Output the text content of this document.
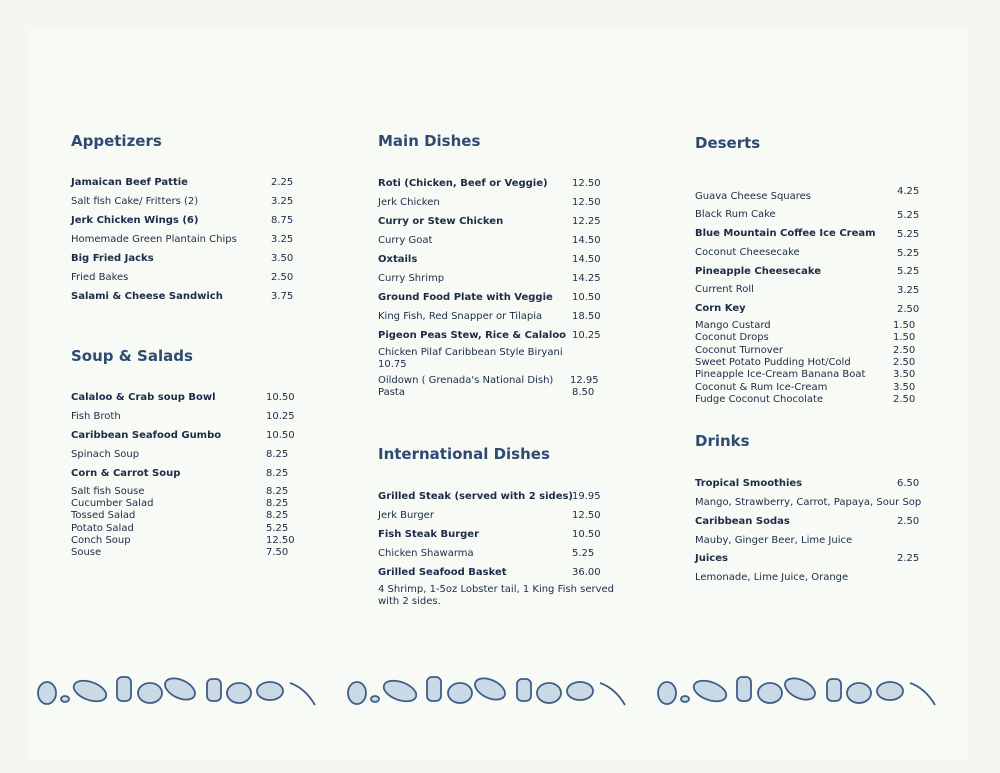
Appetizers
Jamaican Beef Pattie	2.25
Salt fish Cake/ Fritters (2)	3.25
Jerk Chicken Wings (6)	8.75
Homemade Green Plantain Chips	3.25
Big Fried Jacks	3.50
Fried Bakes	2.50
Salami & Cheese Sandwich	3.75
Soup & Salads
Calaloo & Crab soup Bowl	10.50
Fish Broth	10.25
Caribbean Seafood Gumbo	10.50
Spinach Soup	8.25
Corn & Carrot Soup	8.25
Salt fish Souse	8.25
Cucumber Salad	8.25
Tossed Salad	8.25
Potato Salad	5.25
Conch Soup	12.50
Souse	7.50
Main Dishes
Roti (Chicken, Beef or Veggie) 12.50
Jerk Chicken	12.50
Curry or Stew Chicken	12.25
Curry Goat	14.50
Oxtails	14.50
Curry Shrimp	14.25
Ground Food Plate with Veggie 10.50
King Fish, Red Snapper or Tilapia	18.50
Pigeon Peas Stew, Rice & Calaloo 10.25
Chicken Pilaf Caribbean Style Biryani
10.75
Oildown ( Grenada's National Dish) 12.95
Pasta	8.50
International Dishes
Grilled Steak (served with 2 sides) 19.95
Jerk Burger	12.50
Fish Steak Burger	10.50
Chicken Shawarma	5.25
Grilled Seafood Basket	36.00
4 Shrimp, 1-5oz Lobster tail, 1 King Fish served
with 2 sides.
Deserts
Guava Cheese Squares	4.25
Black Rum Cake	5.25
Blue Mountain Coffee Ice Cream 5.25
Coconut Cheesecake	5.25
Pineapple Cheesecake	5.25
Current Roll	3.25
Corn Key	2.50
Mango Custard	1.50
Coconut Drops	1.50
Coconut Turnover	2.50
Sweet Potato Pudding Hot/Cold	2.50
Pineapple Ice-Cream Banana Boat	3.50
Coconut & Rum Ice-Cream	3.50
Fudge Coconut Chocolate	2.50
Drinks
Tropical Smoothies	6.50
Mango, Strawberry, Carrot, Papaya, Sour Sop
Caribbean Sodas	2.50
Mauby, Ginger Beer, Lime Juice
Juices	2.25
Lemonade, Lime Juice, Orange
